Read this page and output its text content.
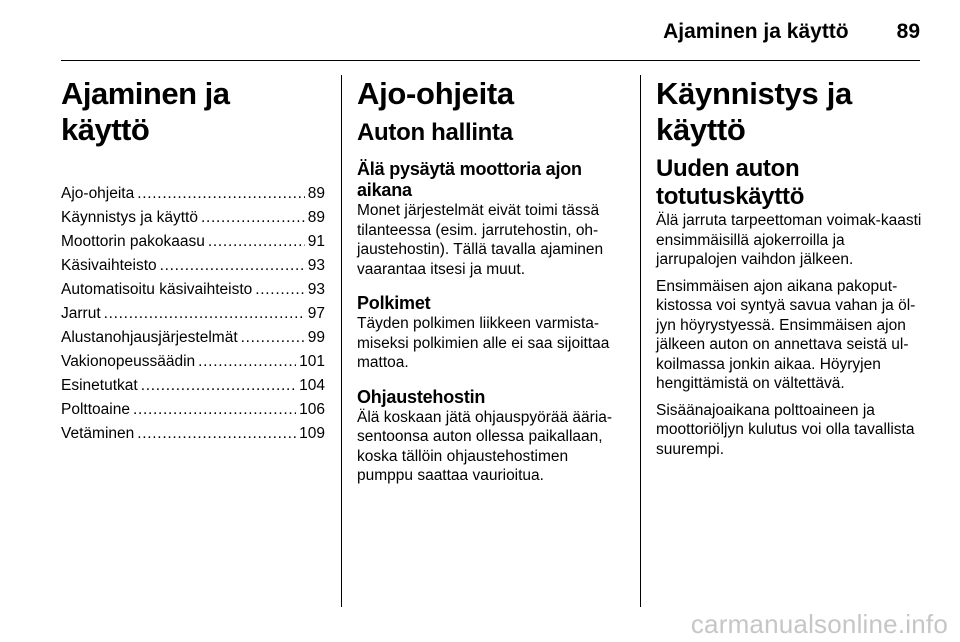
Ajaminen ja käyttö 89
Ajaminen ja käyttö
Ajo-ohjeita . . .	89
Käynnistys ja käyttö . . .	89
Moottorin pakokaasu . . .	91
Käsivaihteisto . . .	93
Automatisoitu käsivaihteisto . . .	93
Jarrut . . .	97
Alustanohjausjärjestelmät . . .	99
Vakionopeussäädin . . .	101
Esinetutkat . . .	104
Polttoaine . . .	106
Vetäminen . . .	109
Ajo-ohjeita
Auton hallinta
Älä pysäytä moottoria ajon aikana

Monet järjestelmät eivät toimi tässä tilanteessa (esim. jarrutehostin, oh-jaustehostin). Tällä tavalla ajaminen vaarantaa itsesi ja muut.

Polkimet

Täyden polkimen liikkeen varmista-miseksi polkimien alle ei saa sijoittaa mattoa.

Ohjaustehostin

Älä koskaan jätä ohjauspyörää ääria-sentoonsa auton ollessa paikallaan, koska tällöin ohjaustehostimen pumppu saattaa vaurioitua.

Käynnistys ja käyttö
Uuden auton totutuskäyttö

Älä jarruta tarpeettoman voimak-kaasti ensimmäisillä ajokerroilla ja jarrupalojen vaihdon jälkeen.

Ensimmäisen ajon aikana pakoput-kistossa voi syntyä savua vahan ja öl-jyn höyrystyessä. Ensimmäisen ajon jälkeen auton on annettava seistä ul-koilmassa jonkin aikaa. Höyryjen hengittämistä on vältettävä.

Sisäänajoaikana polttoaineen ja moottoriöljyn kulutus voi olla tavallista suurempi.

carmanualsonline.info
